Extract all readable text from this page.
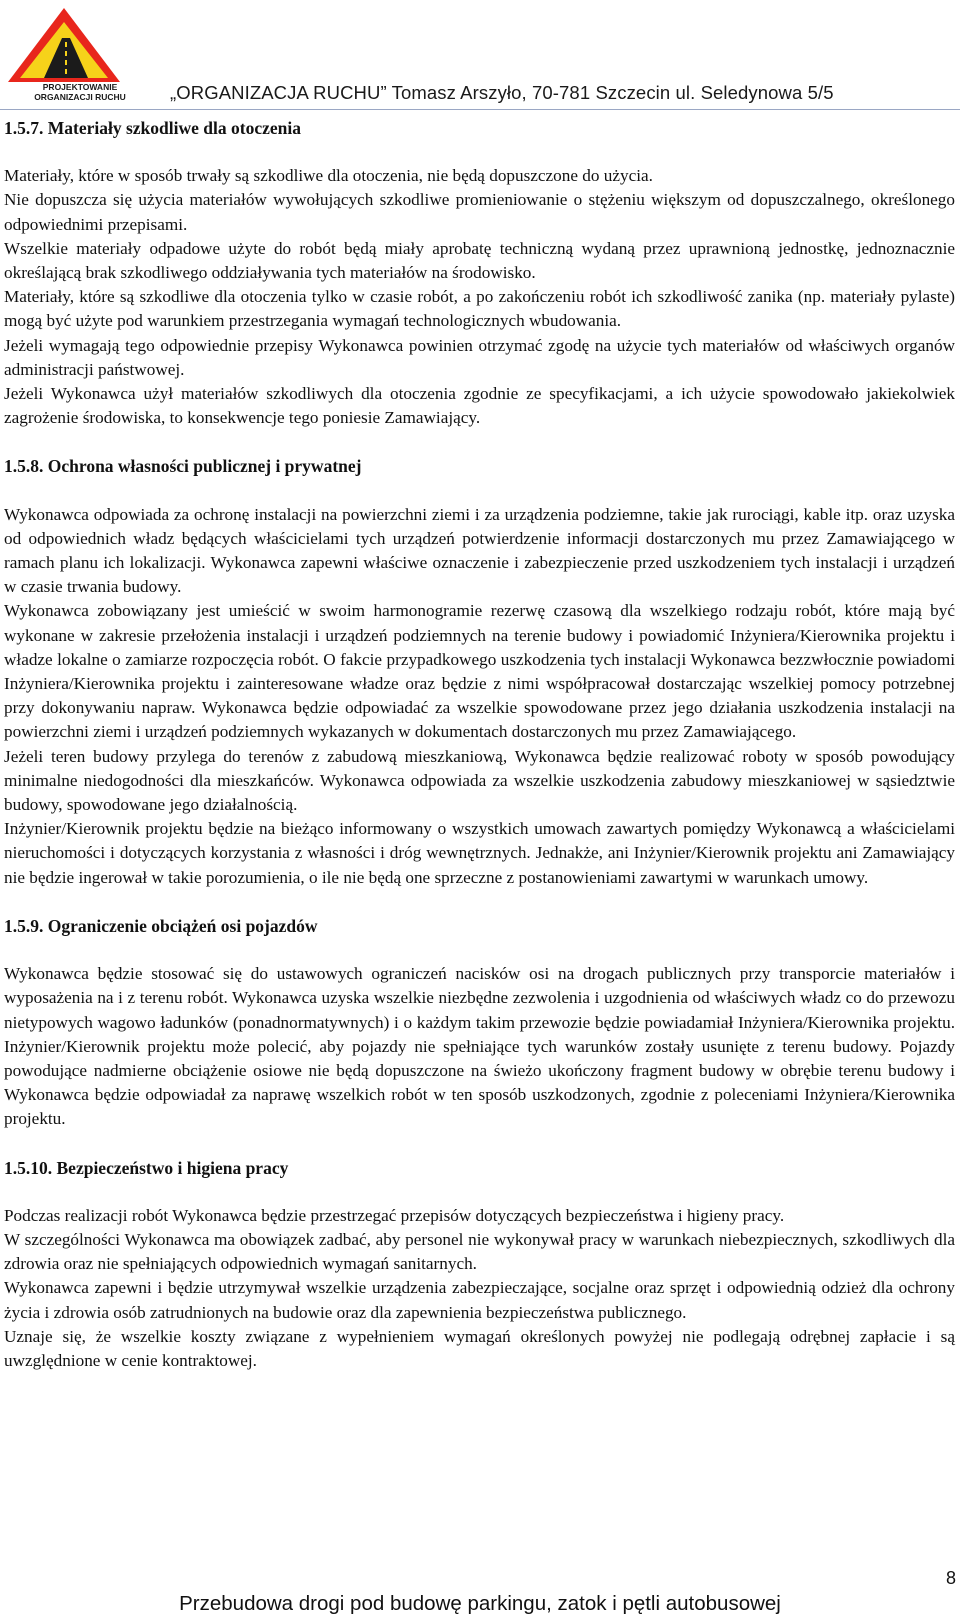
PROJEKTOWANIE
ORGANIZACJI RUCHU „ORGANIZACJA RUCHU” Tomasz Arszyło, 70-781 Szczecin ul. Seledynowa 5/5

1.5.7. Materiały szkodliwe dla otoczenia

Materiały, które w sposób trwały są szkodliwe dla otoczenia, nie będą dopuszczone do użycia.

Nie dopuszcza się użycia materiałów wywołujących szkodliwe promieniowanie o stężeniu większym od dopuszczalnego, określonego odpowiednimi przepisami.

Wszelkie materiały odpadowe użyte do robót będą miały aprobatę techniczną wydaną przez uprawnioną jednostkę, jednoznacznie określającą brak szkodliwego oddziaływania tych materiałów na środowisko.

Materiały, które są szkodliwe dla otoczenia tylko w czasie robót, a po zakończeniu robót ich szkodliwość zanika (np. materiały pylaste) mogą być użyte pod warunkiem przestrzegania wymagań technologicznych wbudowania.

Jeżeli wymagają tego odpowiednie przepisy Wykonawca powinien otrzymać zgodę na użycie tych materiałów od właściwych organów administracji państwowej.

Jeżeli Wykonawca użył materiałów szkodliwych dla otoczenia zgodnie ze specyfikacjami, a ich użycie spowodowało jakiekolwiek zagrożenie środowiska, to konsekwencje tego poniesie Zamawiający.

1.5.8. Ochrona własności publicznej i prywatnej

Wykonawca odpowiada za ochronę instalacji na powierzchni ziemi i za urządzenia podziemne, takie jak rurociągi, kable itp. oraz uzyska od odpowiednich władz będących właścicielami tych urządzeń potwierdzenie informacji dostarczonych mu przez Zamawiającego w ramach planu ich lokalizacji. Wykonawca zapewni właściwe oznaczenie i zabezpieczenie przed uszkodzeniem tych instalacji i urządzeń w czasie trwania budowy.

Wykonawca zobowiązany jest umieścić w swoim harmonogramie rezerwę czasową dla wszelkiego rodzaju robót, które mają być wykonane w zakresie przełożenia instalacji i urządzeń podziemnych na terenie budowy i powiadomić Inżyniera/Kierownika projektu i władze lokalne o zamiarze rozpoczęcia robót. O fakcie przypadkowego uszkodzenia tych instalacji Wykonawca bezzwłocznie powiadomi Inżyniera/Kierownika projektu i zainteresowane władze oraz będzie z nimi współpracował dostarczając wszelkiej pomocy potrzebnej przy dokonywaniu napraw. Wykonawca będzie odpowiadać za wszelkie spowodowane przez jego działania uszkodzenia instalacji na powierzchni ziemi i urządzeń podziemnych wykazanych w dokumentach dostarczonych mu przez Zamawiającego.

Jeżeli teren budowy przylega do terenów z zabudową mieszkaniową, Wykonawca będzie realizować roboty w sposób powodujący minimalne niedogodności dla mieszkańców. Wykonawca odpowiada za wszelkie uszkodzenia zabudowy mieszkaniowej w sąsiedztwie budowy, spowodowane jego działalnością.

Inżynier/Kierownik projektu będzie na bieżąco informowany o wszystkich umowach zawartych pomiędzy Wykonawcą a właścicielami nieruchomości i dotyczących korzystania z własności i dróg wewnętrznych. Jednakże, ani Inżynier/Kierownik projektu ani Zamawiający nie będzie ingerował w takie porozumienia, o ile nie będą one sprzeczne z postanowieniami zawartymi w warunkach umowy.

1.5.9. Ograniczenie obciążeń osi pojazdów

Wykonawca będzie stosować się do ustawowych ograniczeń nacisków osi na drogach publicznych przy transporcie materiałów i wyposażenia na i z terenu robót. Wykonawca uzyska wszelkie niezbędne zezwolenia i uzgodnienia od właściwych władz co do przewozu nietypowych wagowo ładunków (ponadnormatywnych) i o każdym takim przewozie będzie powiadamiał Inżyniera/Kierownika projektu. Inżynier/Kierownik projektu może polecić, aby pojazdy nie spełniające tych warunków zostały usunięte z terenu budowy. Pojazdy powodujące nadmierne obciążenie osiowe nie będą dopuszczone na świeżo ukończony fragment budowy w obrębie terenu budowy i Wykonawca będzie odpowiadał za naprawę wszelkich robót w ten sposób uszkodzonych, zgodnie z poleceniami Inżyniera/Kierownika projektu.

1.5.10. Bezpieczeństwo i higiena pracy

Podczas realizacji robót Wykonawca będzie przestrzegać przepisów dotyczących bezpieczeństwa i higieny pracy.

W szczególności Wykonawca ma obowiązek zadbać, aby personel nie wykonywał pracy w warunkach niebezpiecznych, szkodliwych dla zdrowia oraz nie spełniających odpowiednich wymagań sanitarnych.

Wykonawca zapewni i będzie utrzymywał wszelkie urządzenia zabezpieczające, socjalne oraz sprzęt i odpowiednią odzież dla ochrony życia i zdrowia osób zatrudnionych na budowie oraz dla zapewnienia bezpieczeństwa publicznego.

Uznaje się, że wszelkie koszty związane z wypełnieniem wymagań określonych powyżej nie podlegają odrębnej zapłacie i są uwzględnione w cenie kontraktowej.

8
Przebudowa drogi pod budowę parkingu, zatok i pętli autobusowej
